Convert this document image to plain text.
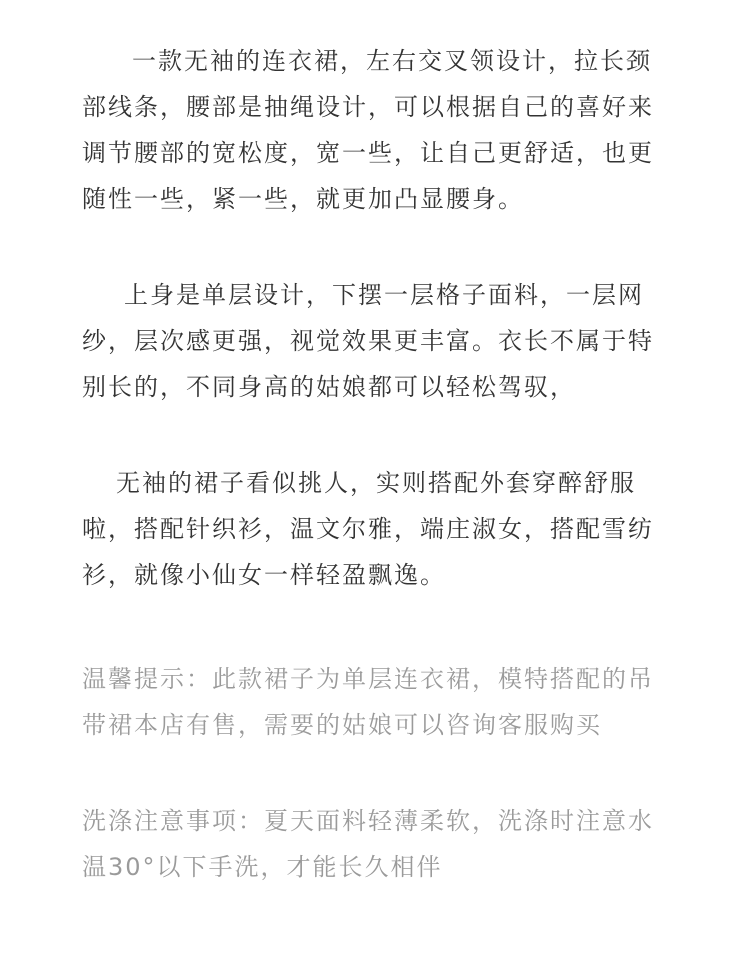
一款无袖的连衣裙，左右交叉领设计，拉长颈部线条，腰部是抽绳设计，可以根据自己的喜好来调节腰部的宽松度，宽一些，让自己更舒适，也更随性一些，紧一些，就更加凸显腰身。

上身是单层设计，下摆一层格子面料，一层网纱，层次感更强，视觉效果更丰富。衣长不属于特别长的，不同身高的姑娘都可以轻松驾驭，

无袖的裙子看似挑人，实则搭配外套穿醉舒服啦，搭配针织衫，温文尔雅，端庄淑女，搭配雪纺衫，就像小仙女一样轻盈飘逸。

温馨提示：此款裙子为单层连衣裙，模特搭配的吊带裙本店有售，需要的姑娘可以咨询客服购买

洗涤注意事项：夏天面料轻薄柔软，洗涤时注意水温30°以下手洗，才能长久相伴
